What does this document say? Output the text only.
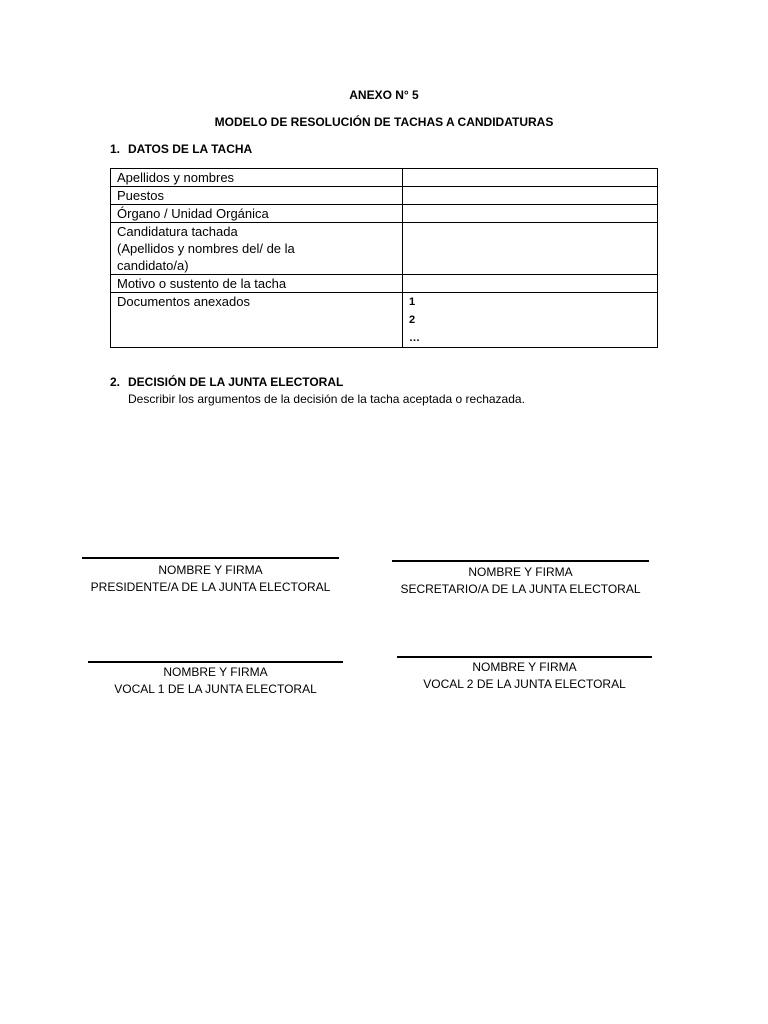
ANEXO N° 5
MODELO DE RESOLUCIÓN DE TACHAS A CANDIDATURAS
1. DATOS DE LA TACHA
Apellidos y nombres	
Puestos	
Órgano / Unidad Orgánica	

Candidatura tachada
(Apellidos y nombres del/ de la
candidato/a)	

Motivo o sustento de la tacha	
Documentos anexados	1
2
…
2. DECISIÓN DE LA JUNTA ELECTORAL
Describir los argumentos de la decisión de la tacha aceptada o rechazada.
NOMBRE Y FIRMA
PRESIDENTE/A DE LA JUNTA ELECTORAL
NOMBRE Y FIRMA
SECRETARIO/A DE LA JUNTA ELECTORAL
NOMBRE Y FIRMA
VOCAL 1 DE LA JUNTA ELECTORAL
NOMBRE Y FIRMA
VOCAL 2 DE LA JUNTA ELECTORAL
